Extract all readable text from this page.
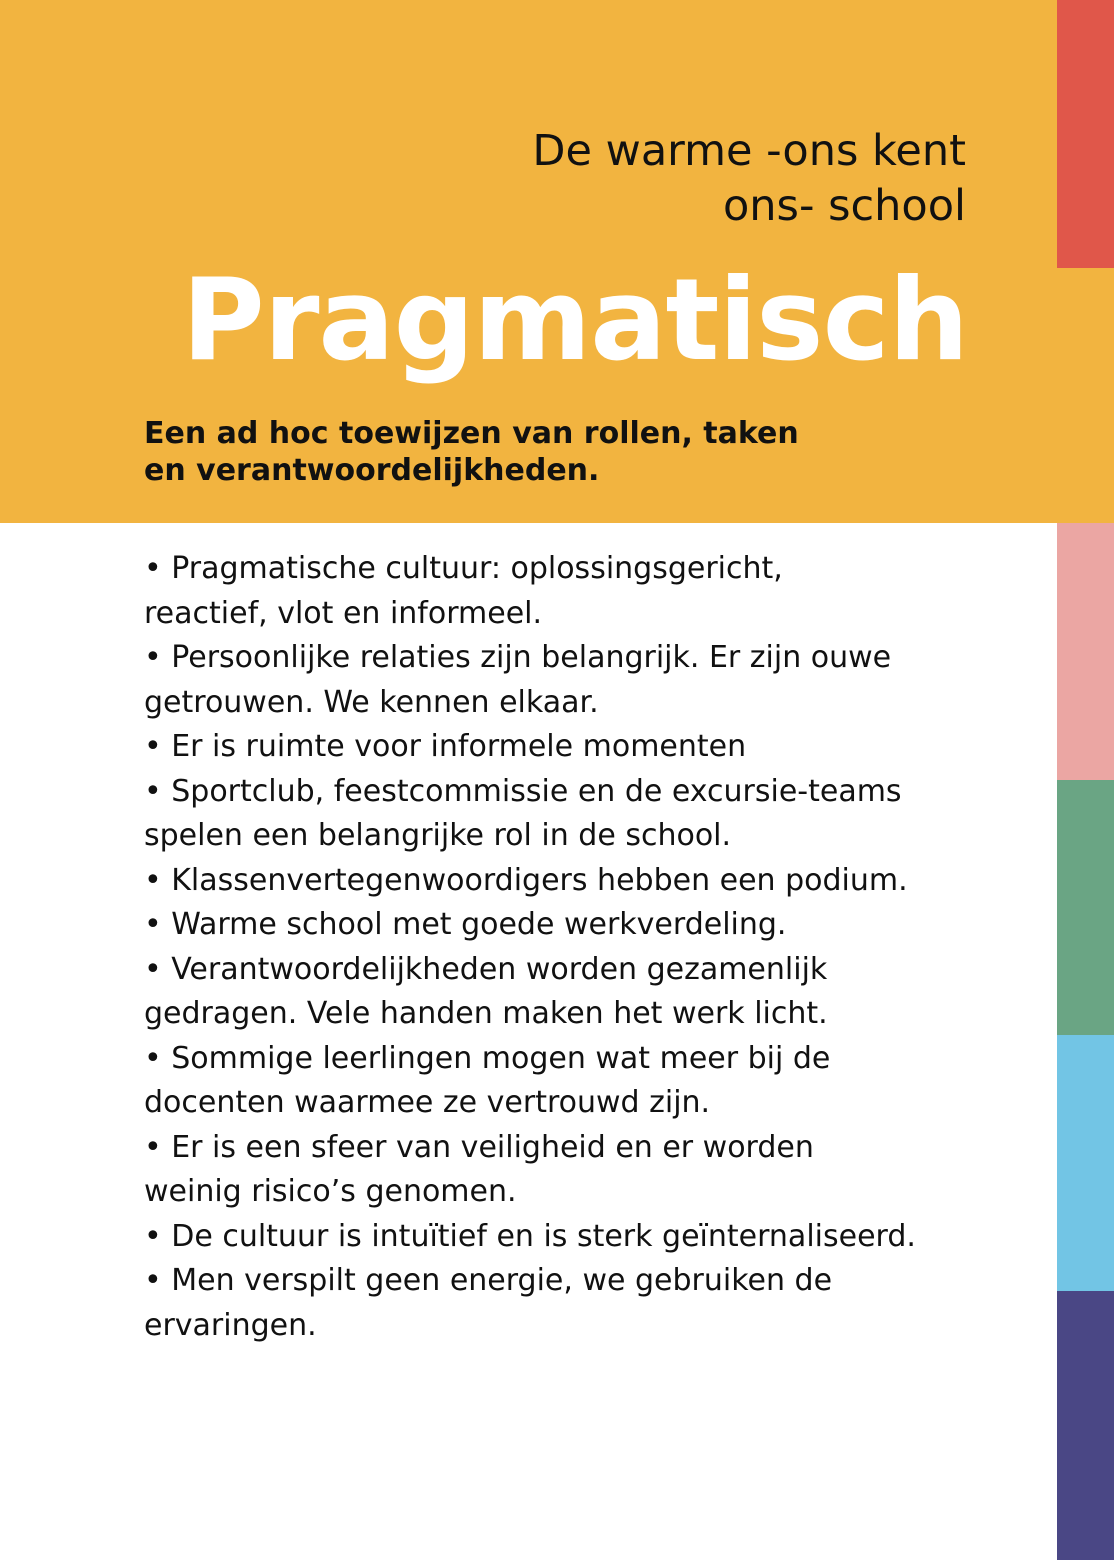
De warme -ons kent
ons- school
Pragmatisch
Een ad hoc toewijzen van rollen, taken
en verantwoordelijkheden.
• Pragmatische cultuur: oplossingsgericht,
reactief, vlot en informeel.
• Persoonlijke relaties zijn belangrijk. Er zijn ouwe
getrouwen. We kennen elkaar.
• Er is ruimte voor informele momenten
• Sportclub, feestcommissie en de excursie-teams
spelen een belangrijke rol in de school.
• Klassenvertegenwoordigers hebben een podium.
• Warme school met goede werkverdeling.
• Verantwoordelijkheden worden gezamenlijk
gedragen. Vele handen maken het werk licht.
• Sommige leerlingen mogen wat meer bij de
docenten waarmee ze vertrouwd zijn.
• Er is een sfeer van veiligheid en er worden
weinig risico’s genomen.
• De cultuur is intuïtief en is sterk geïnternaliseerd.
• Men verspilt geen energie, we gebruiken de
ervaringen.
